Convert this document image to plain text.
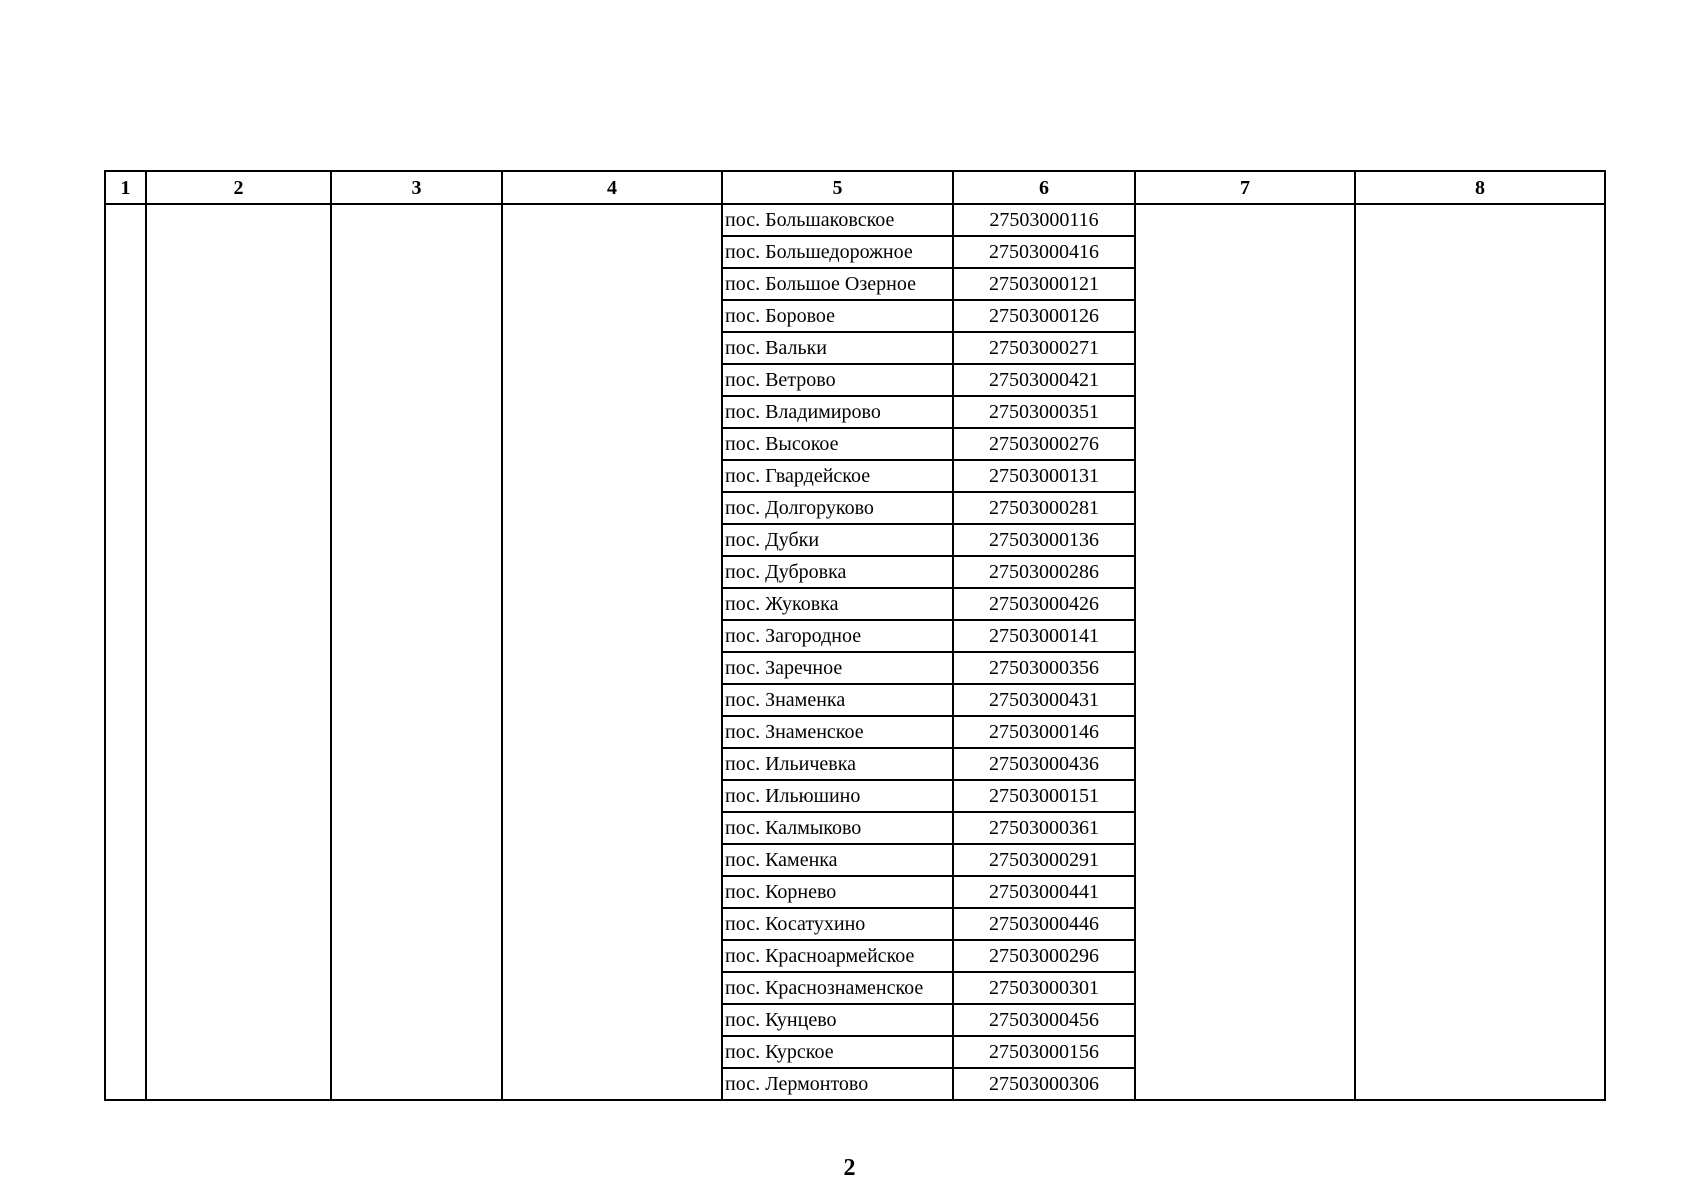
1	2	3	4	5	6	7	8
				пос. Большаковское	27503000116		
				пос. Большедорожное	27503000416		
				пос. Большое Озерное	27503000121		
				пос. Боровое	27503000126		
				пос. Вальки	27503000271		
				пос. Ветрово	27503000421		
				пос. Владимирово	27503000351		
				пос. Высокое	27503000276		
				пос. Гвардейское	27503000131		
				пос. Долгоруково	27503000281		
				пос. Дубки	27503000136		
				пос. Дубровка	27503000286		
				пос. Жуковка	27503000426		
				пос. Загородное	27503000141		
				пос. Заречное	27503000356		
				пос. Знаменка	27503000431		
				пос. Знаменское	27503000146		
				пос. Ильичевка	27503000436		
				пос. Ильюшино	27503000151		
				пос. Калмыково	27503000361		
				пос. Каменка	27503000291		
				пос. Корнево	27503000441		
				пос. Косатухино	27503000446		
				пос. Красноармейское	27503000296		
				пос. Краснознаменское	27503000301		
				пос. Кунцево	27503000456		
				пос. Курское	27503000156		
				пос. Лермонтово	27503000306		
2
